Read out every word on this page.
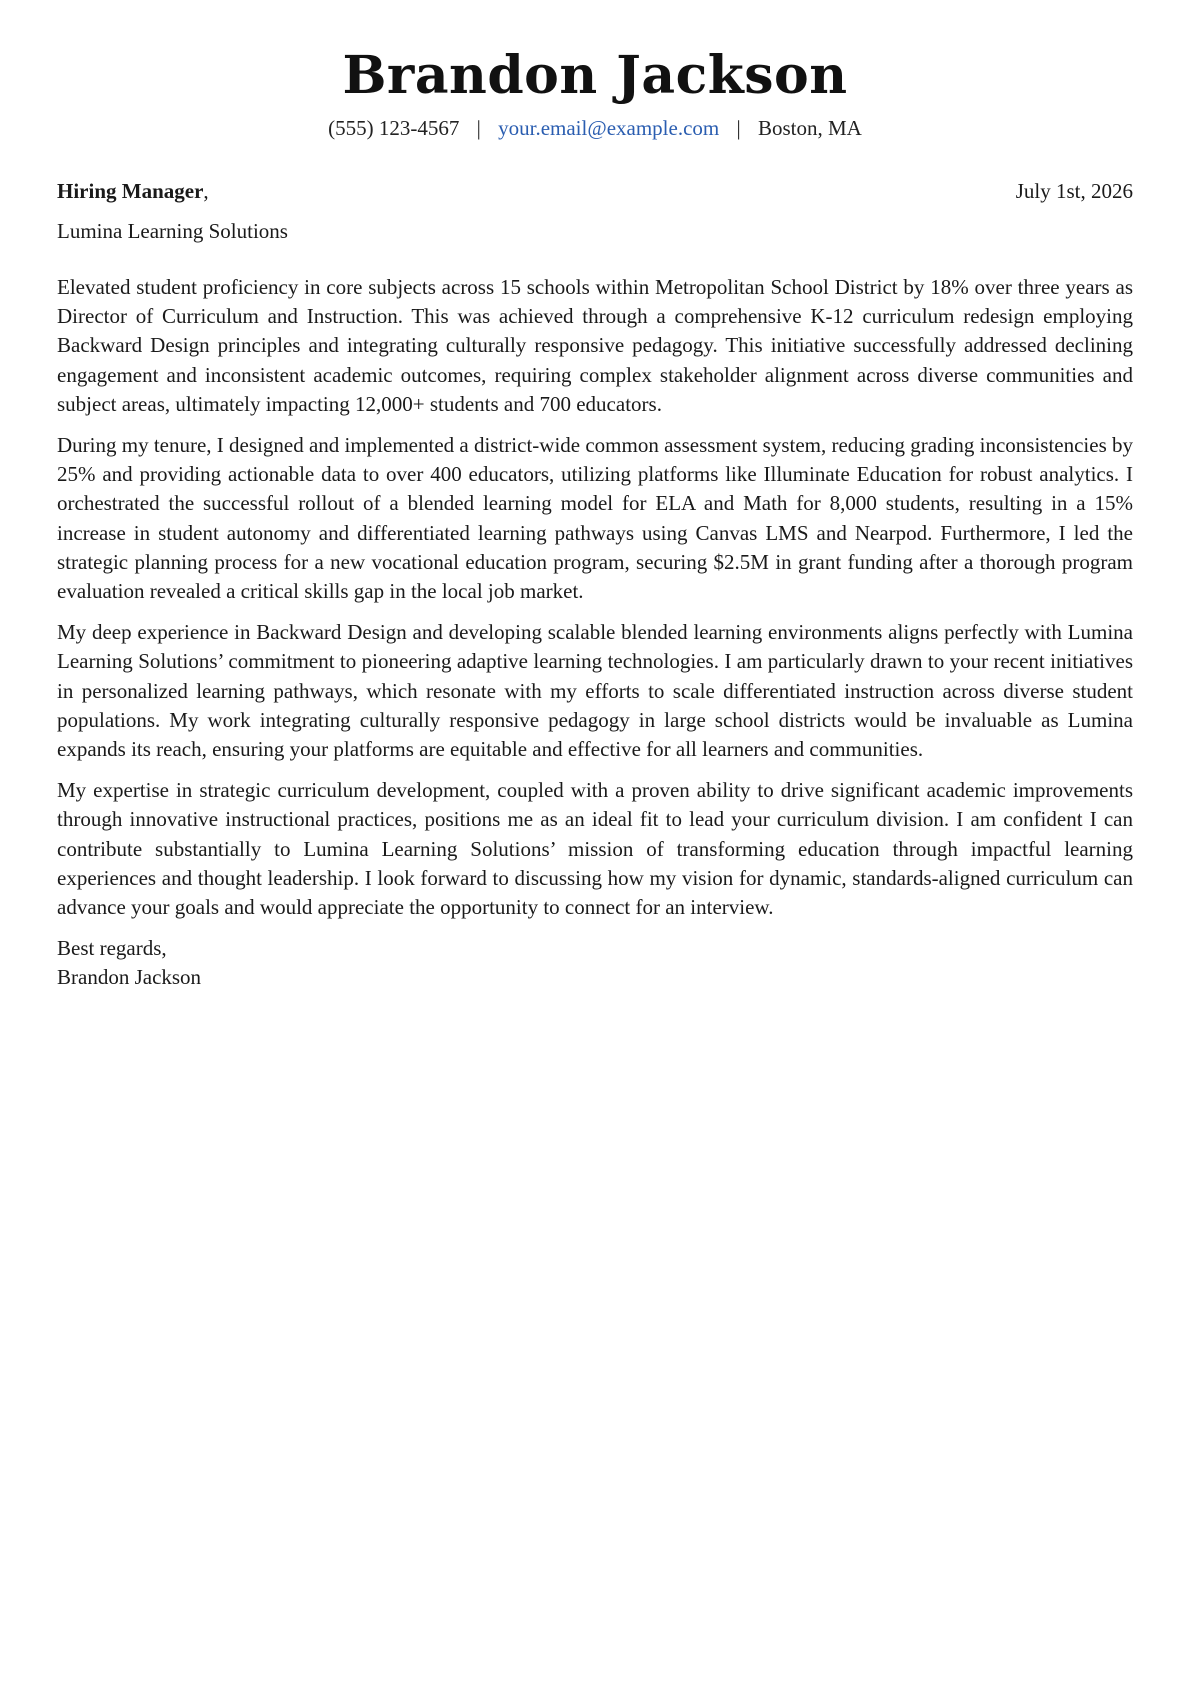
Brandon Jackson
(555) 123-4567 | your.email@example.com | Boston, MA
Hiring Manager,	July 1st, 2026
Lumina Learning Solutions

Elevated student proficiency in core subjects across 15 schools within Metropolitan School District by 18% over three years as Director of Curriculum and Instruction. This was achieved through a comprehensive K-12 curriculum redesign employing Backward Design principles and integrating culturally responsive pedagogy. This initiative successfully addressed declining engagement and inconsistent academic outcomes, requiring complex stakeholder alignment across diverse communities and subject areas, ultimately impacting 12,000+ students and 700 educators.

During my tenure, I designed and implemented a district-wide common assessment system, reducing grading inconsistencies by 25% and providing actionable data to over 400 educators, utilizing platforms like Illuminate Education for robust analytics. I orchestrated the successful rollout of a blended learning model for ELA and Math for 8,000 students, resulting in a 15% increase in student autonomy and differentiated learning pathways using Canvas LMS and Nearpod. Furthermore, I led the strategic planning process for a new vocational education program, securing $2.5M in grant funding after a thorough program evaluation revealed a critical skills gap in the local job market.

My deep experience in Backward Design and developing scalable blended learning environments aligns perfectly with Lumina Learning Solutions’ commitment to pioneering adaptive learning technologies. I am particularly drawn to your recent initiatives in personalized learning pathways, which resonate with my efforts to scale differentiated instruction across diverse student populations. My work integrating culturally responsive pedagogy in large school districts would be invaluable as Lumina expands its reach, ensuring your platforms are equitable and effective for all learners and communities.

My expertise in strategic curriculum development, coupled with a proven ability to drive significant academic improvements through innovative instructional practices, positions me as an ideal fit to lead your curriculum division. I am confident I can contribute substantially to Lumina Learning Solutions’ mission of transforming education through impactful learning experiences and thought leadership. I look forward to discussing how my vision for dynamic, standards-aligned curriculum can advance your goals and would appreciate the opportunity to connect for an interview.

Best regards,
Brandon Jackson
